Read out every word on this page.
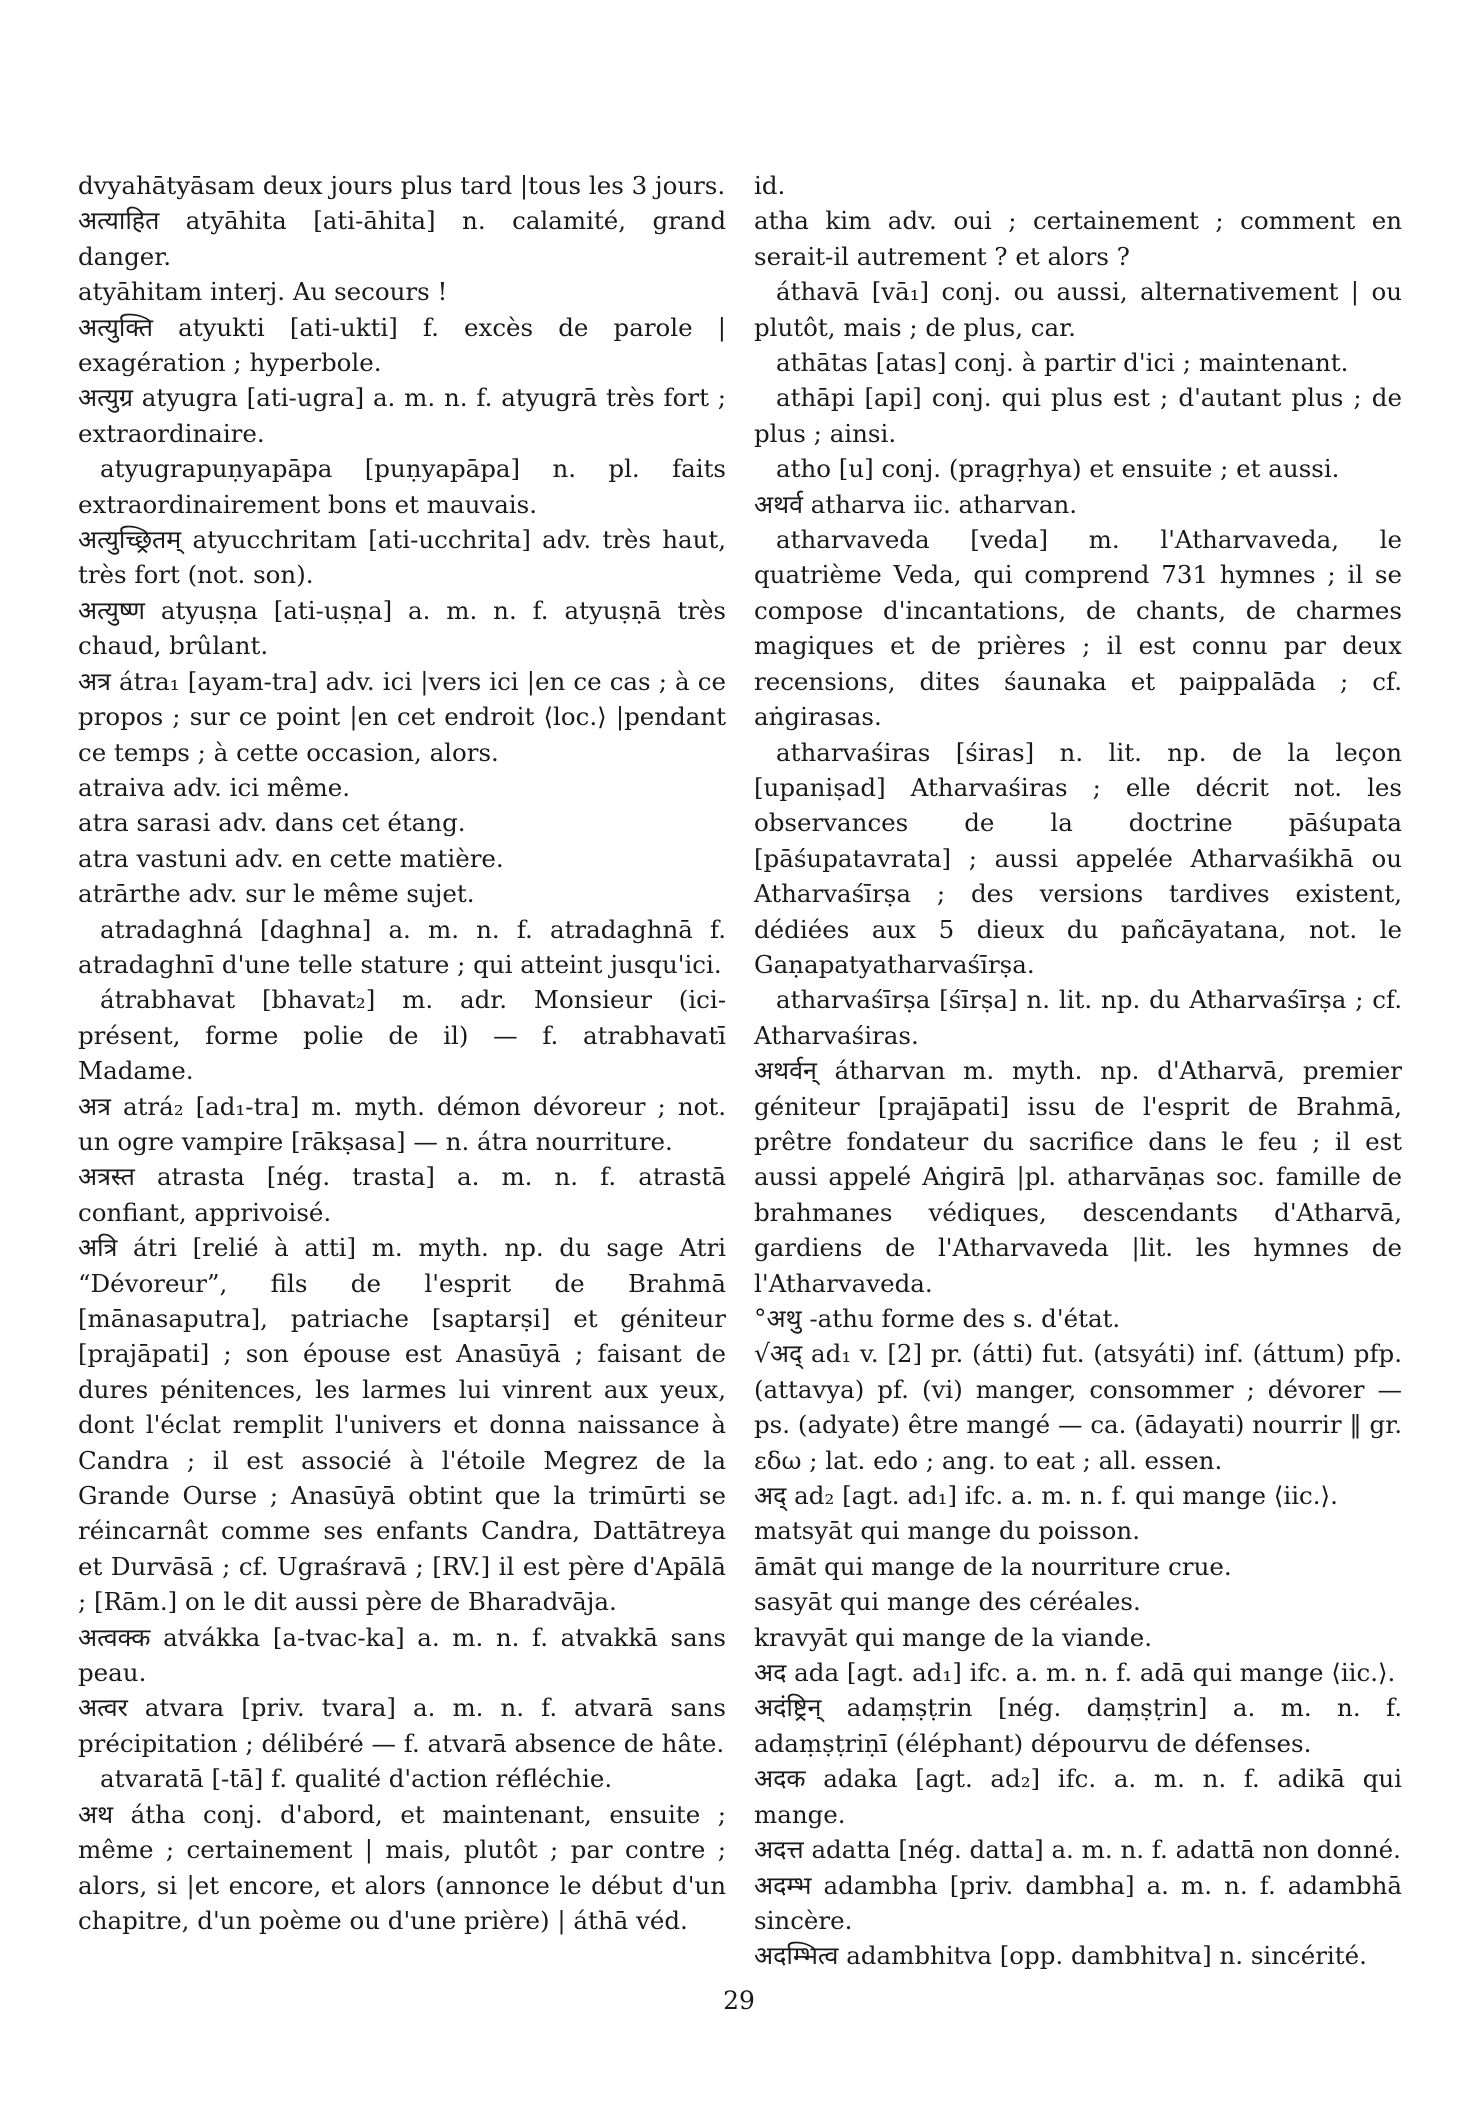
dvyahātyāsam deux jours plus tard |tous les 3 jours.

अत्याहित atyāhita [ati-āhita] n. calamité, grand danger.

atyāhitam interj. Au secours !

अत्युक्ति atyukti [ati-ukti] f. excès de parole | exagération ; hyperbole.

अत्युग्र atyugra [ati-ugra] a. m. n. f. atyugrā très fort ; extraordinaire.

atyugrapuṇyapāpa [puṇyapāpa] n. pl. faits extraordinairement bons et mauvais.

अत्युच्छ्रितम् atyucchritam [ati-ucchrita] adv. très haut, très fort (not. son).

अत्युष्ण atyuṣṇa [ati-uṣṇa] a. m. n. f. atyuṣṇā très chaud, brûlant.

अत्र átra₁ [ayam-tra] adv. ici |vers ici |en ce cas ; à ce propos ; sur ce point |en cet endroit ⟨loc.⟩ |pendant ce temps ; à cette occasion, alors.

atraiva adv. ici même.

atra sarasi adv. dans cet étang.

atra vastuni adv. en cette matière.

atrārthe adv. sur le même sujet.

atradaghná [daghna] a. m. n. f. atradaghnā f. atradaghnī d'une telle stature ; qui atteint jusqu'ici.

átrabhavat [bhavat₂] m. adr. Monsieur (ici-présent, forme polie de il) — f. atrabhavatī Madame.

अत्र atrá₂ [ad₁-tra] m. myth. démon dévoreur ; not. un ogre vampire [rākṣasa] — n. átra nourriture.

अत्रस्त atrasta [nég. trasta] a. m. n. f. atrastā confiant, apprivoisé.

अत्रि átri [relié à atti] m. myth. np. du sage Atri “Dévoreur”, fils de l'esprit de Brahmā [mānasaputra], patriache [saptarṣi] et géniteur [prajāpati] ; son épouse est Anasūyā ; faisant de dures pénitences, les larmes lui vinrent aux yeux, dont l'éclat remplit l'univers et donna naissance à Candra ; il est associé à l'étoile Megrez de la Grande Ourse ; Anasūyā obtint que la trimūrti se réincarnât comme ses enfants Candra, Dattātreya et Durvāsā ; cf. Ugraśravā ; [RV.] il est père d'Apālā ; [Rām.] on le dit aussi père de Bharadvāja.

अत्वक्क atvákka [a-tvac-ka] a. m. n. f. atvakkā sans peau.

अत्वर atvara [priv. tvara] a. m. n. f. atvarā sans précipitation ; délibéré — f. atvarā absence de hâte.

atvaratā [-tā] f. qualité d'action réfléchie.

अथ átha conj. d'abord, et maintenant, ensuite ; même ; certainement | mais, plutôt ; par contre ; alors, si |et encore, et alors (annonce le début d'un chapitre, d'un poème ou d'une prière) | áthā véd.

id.

atha kim adv. oui ; certainement ; comment en serait-il autrement ? et alors ?

áthavā [vā₁] conj. ou aussi, alternativement | ou plutôt, mais ; de plus, car.

athātas [atas] conj. à partir d'ici ; maintenant.

athāpi [api] conj. qui plus est ; d'autant plus ; de plus ; ainsi.

atho [u] conj. (pragṛhya) et ensuite ; et aussi.

अथर्व atharva iic. atharvan.

atharvaveda [veda] m. l'Atharvaveda, le quatrième Veda, qui comprend 731 hymnes ; il se compose d'incantations, de chants, de charmes magiques et de prières ; il est connu par deux recensions, dites śaunaka et paippalāda ; cf. aṅgirasas.

atharvaśiras [śiras] n. lit. np. de la leçon [upaniṣad] Atharvaśiras ; elle décrit not. les observances de la doctrine pāśupata [pāśupatavrata] ; aussi appelée Atharvaśikhā ou Atharvaśīrṣa ; des versions tardives existent, dédiées aux 5 dieux du pañcāyatana, not. le Gaṇapatyatharvaśīrṣa.

atharvaśīrṣa [śīrṣa] n. lit. np. du Atharvaśīrṣa ; cf. Atharvaśiras.

अथर्वन् átharvan m. myth. np. d'Atharvā, premier géniteur [prajāpati] issu de l'esprit de Brahmā, prêtre fondateur du sacrifice dans le feu ; il est aussi appelé Aṅgirā |pl. atharvāṇas soc. famille de brahmanes védiques, descendants d'Atharvā, gardiens de l'Atharvaveda |lit. les hymnes de l'Atharvaveda.

°अथु -athu forme des s. d'état.

√अद् ad₁ v. [2] pr. (átti) fut. (atsyáti) inf. (áttum) pfp. (attavya) pf. (vi) manger, consommer ; dévorer — ps. (adyate) être mangé — ca. (ādayati) nourrir ‖ gr. εδω ; lat. edo ; ang. to eat ; all. essen.

अद् ad₂ [agt. ad₁] ifc. a. m. n. f. qui mange ⟨iic.⟩.

matsyāt qui mange du poisson.

āmāt qui mange de la nourriture crue.

sasyāt qui mange des céréales.

kravyāt qui mange de la viande.

अद ada [agt. ad₁] ifc. a. m. n. f. adā qui mange ⟨iic.⟩.

अदंष्ट्रिन् adaṃṣṭrin [nég. daṃṣṭrin] a. m. n. f. adaṃṣṭriṇī (éléphant) dépourvu de défenses.

अदक adaka [agt. ad₂] ifc. a. m. n. f. adikā qui mange.

अदत्त adatta [nég. datta] a. m. n. f. adattā non donné.

अदम्भ adambha [priv. dambha] a. m. n. f. adambhā sincère.

अदम्भित्व adambhitva [opp. dambhitva] n. sincérité.

29
